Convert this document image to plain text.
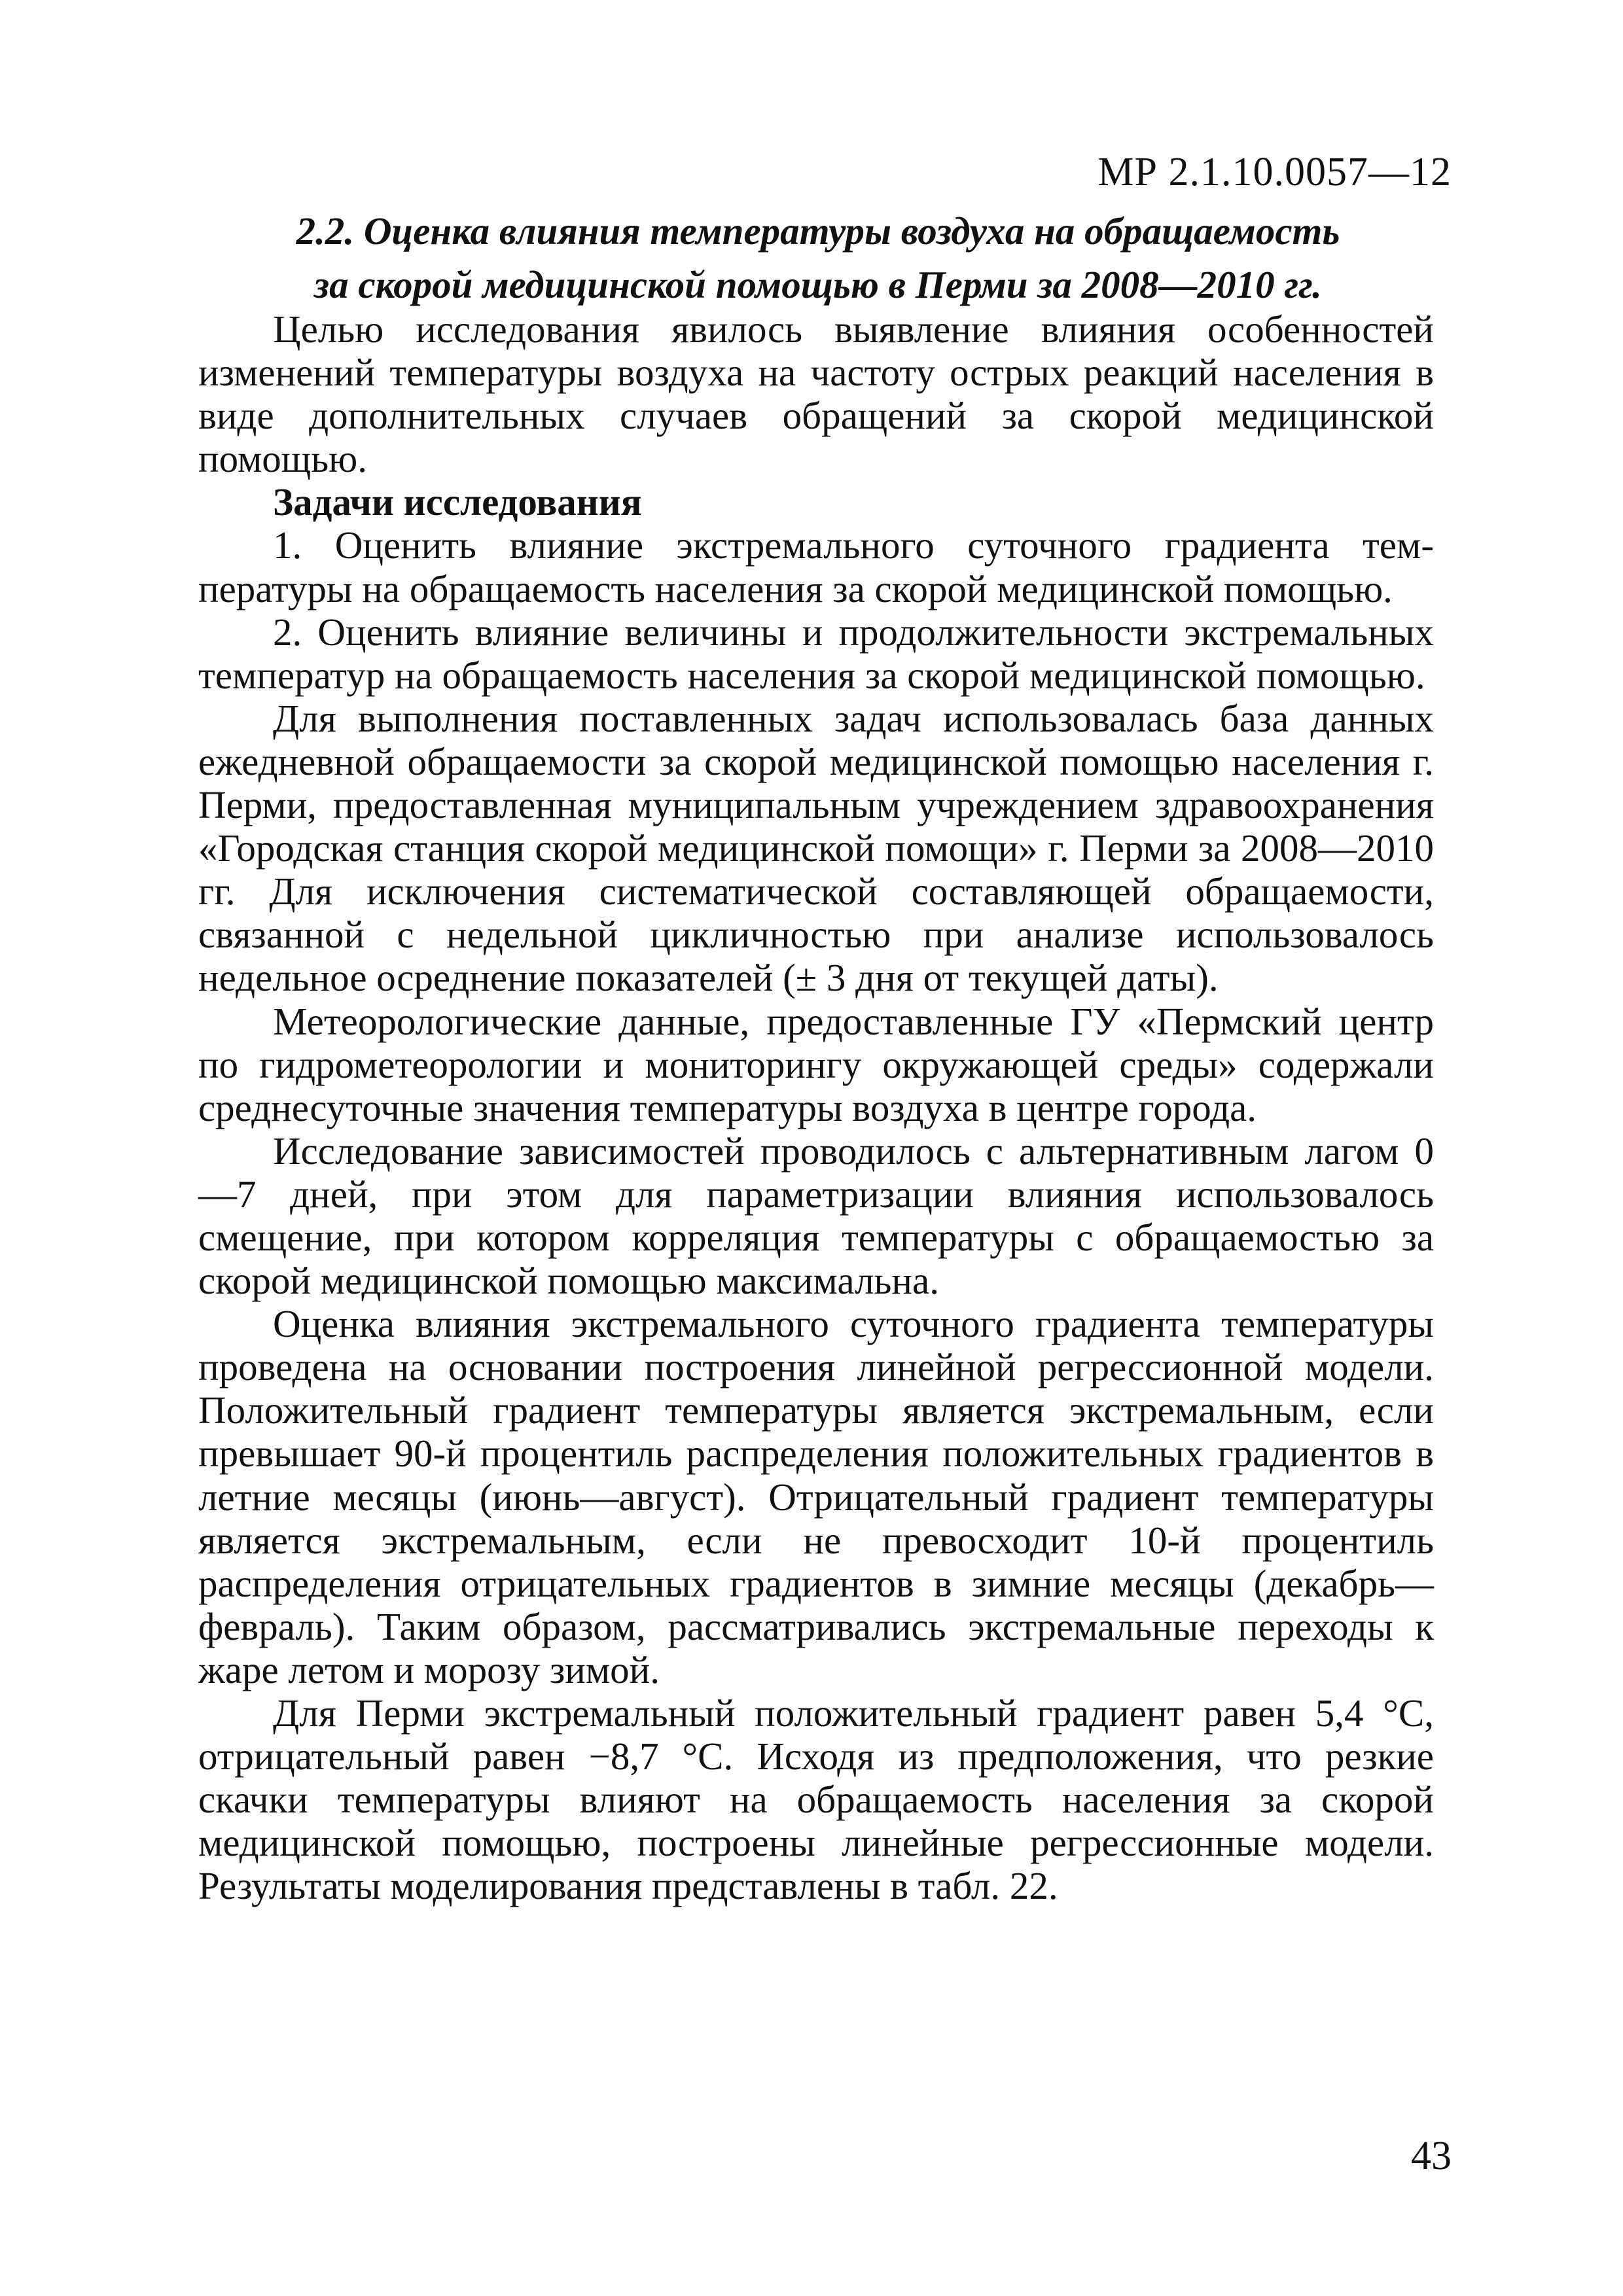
МР 2.1.10.0057—12

2.2. Оценка влияния температуры воздуха на обращаемость
за скорой медицинской помощью в Перми за 2008—2010 гг.

Целью исследования явилось выявление влияния особенностей изменений температуры воздуха на частоту острых реакций населения в виде дополнительных случаев обращений за скорой медицинской помощью.

Задачи исследования

1. Оценить влияние экстремального суточного градиента температуры на обращаемость населения за скорой медицинской помощью.

2. Оценить влияние величины и продолжительности экстремальных температур на обращаемость населения за скорой медицинской помощью.

Для выполнения поставленных задач использовалась база данных ежедневной обращаемости за скорой медицинской помощью населения г. Перми, предоставленная муниципальным учреждением здравоохранения «Городская станция скорой медицинской помощи» г. Перми за 2008—2010 гг. Для исключения систематической составляющей обращаемости, связанной с недельной цикличностью при анализе использовалось недельное осреднение показателей (± 3 дня от текущей даты).

Метеорологические данные, предоставленные ГУ «Пермский центр по гидрометеорологии и мониторингу окружающей среды» содержали среднесуточные значения температуры воздуха в центре города.

Исследование зависимостей проводилось с альтернативным лагом 0—7 дней, при этом для параметризации влияния использовалось смещение, при котором корреляция температуры с обращаемостью за скорой медицинской помощью максимальна.

Оценка влияния экстремального суточного градиента температуры проведена на основании построения линейной регрессионной модели. Положительный градиент температуры является экстремальным, если превышает 90-й процентиль распределения положительных градиентов в летние месяцы (июнь—август). Отрицательный градиент температуры является экстремальным, если не превосходит 10-й процентиль распределения отрицательных градиентов в зимние месяцы (декабрь—февраль). Таким образом, рассматривались экстремальные переходы к жаре летом и морозу зимой.

Для Перми экстремальный положительный градиент равен 5,4 °С, отрицательный равен −8,7 °С. Исходя из предположения, что резкие скачки температуры влияют на обращаемость населения за скорой медицинской помощью, построены линейные регрессионные модели. Результаты моделирования представлены в табл. 22.

43
